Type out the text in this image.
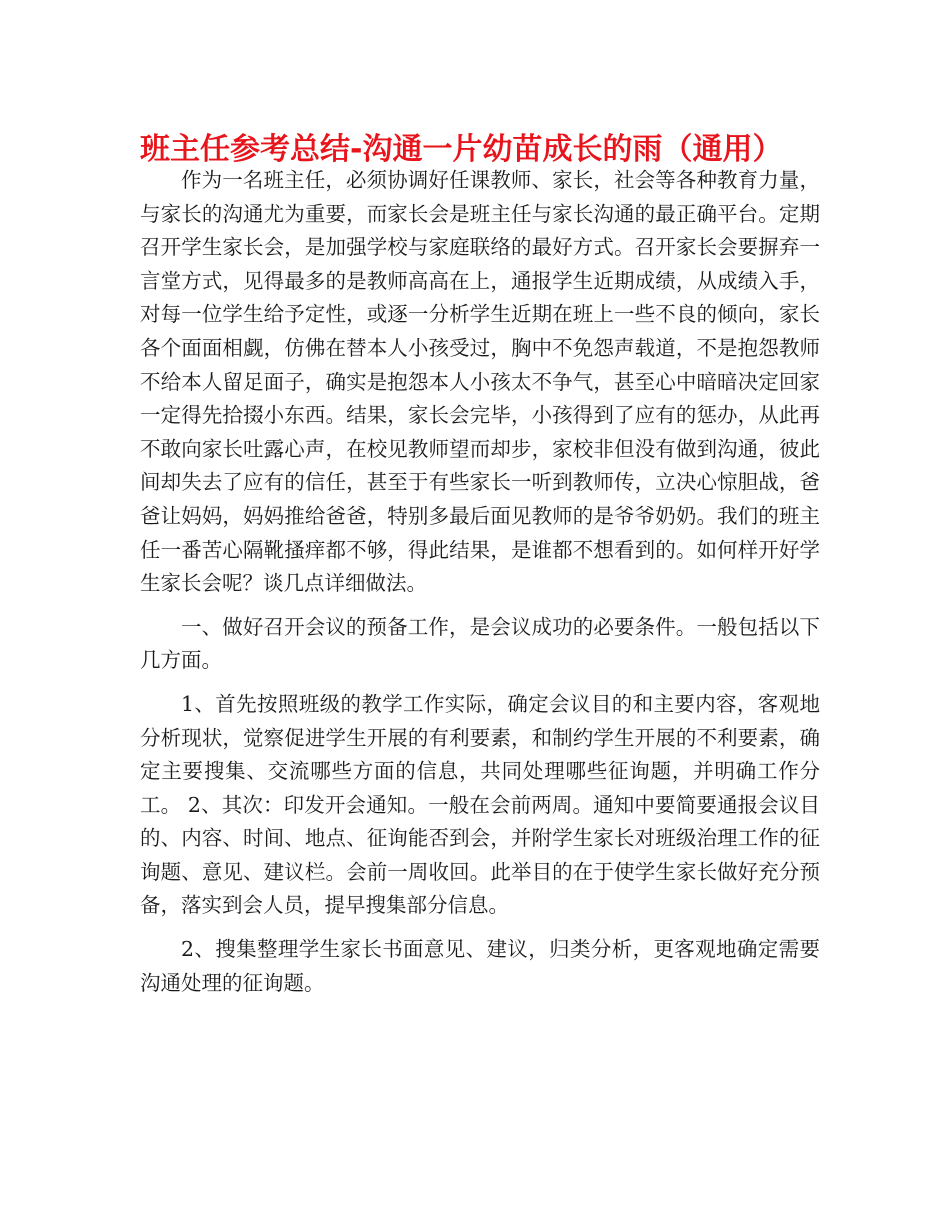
班主任参考总结-沟通一片幼苗成长的雨（通用）

作为一名班主任，必须协调好任课教师、家长，社会等各种教育力量，与家长的沟通尤为重要，而家长会是班主任与家长沟通的最正确平台。定期召开学生家长会，是加强学校与家庭联络的最好方式。召开家长会要摒弃一言堂方式，见得最多的是教师高高在上，通报学生近期成绩，从成绩入手，对每一位学生给予定性，或逐一分析学生近期在班上一些不良的倾向，家长各个面面相觑，仿佛在替本人小孩受过，胸中不免怨声载道，不是抱怨教师不给本人留足面子，确实是抱怨本人小孩太不争气，甚至心中暗暗决定回家一定得先拾掇小东西。结果，家长会完毕，小孩得到了应有的惩办，从此再不敢向家长吐露心声，在校见教师望而却步，家校非但没有做到沟通，彼此间却失去了应有的信任，甚至于有些家长一听到教师传，立决心惊胆战，爸爸让妈妈，妈妈推给爸爸，特别多最后面见教师的是爷爷奶奶。我们的班主任一番苦心隔靴搔痒都不够，得此结果，是谁都不想看到的。如何样开好学生家长会呢？谈几点详细做法。

一、做好召开会议的预备工作，是会议成功的必要条件。一般包括以下几方面。

1、首先按照班级的教学工作实际，确定会议目的和主要内容，客观地分析现状，觉察促进学生开展的有利要素，和制约学生开展的不利要素，确定主要搜集、交流哪些方面的信息，共同处理哪些征询题，并明确工作分工。 2、其次：印发开会通知。一般在会前两周。通知中要简要通报会议目的、内容、时间、地点、征询能否到会，并附学生家长对班级治理工作的征询题、意见、建议栏。会前一周收回。此举目的在于使学生家长做好充分预备，落实到会人员，提早搜集部分信息。

2、搜集整理学生家长书面意见、建议，归类分析，更客观地确定需要沟通处理的征询题。
